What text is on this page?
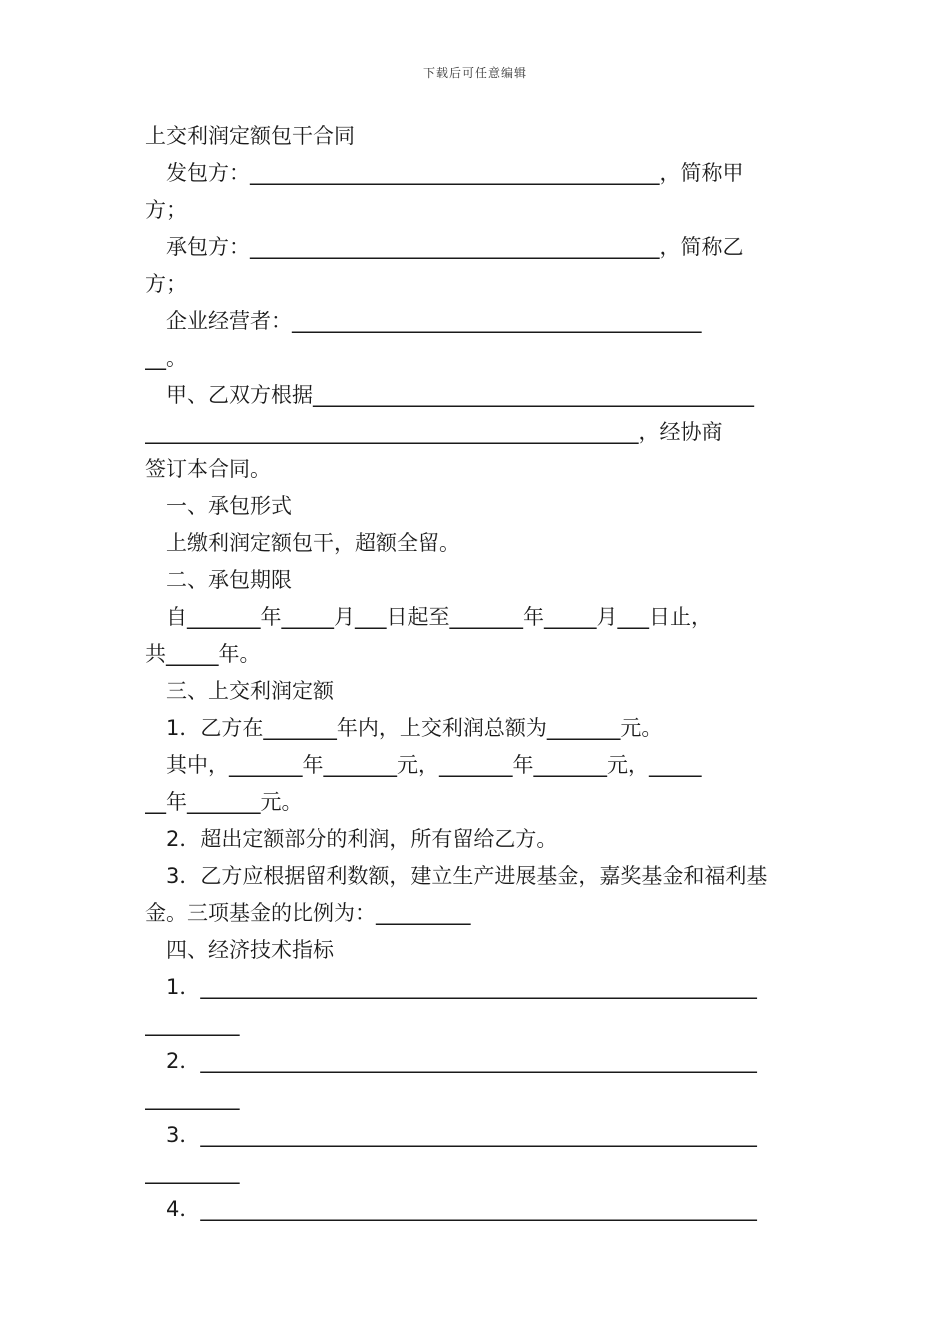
下载后可任意编辑
上交利润定额包干合同
发包方：_______________________________________，简称甲
方；
承包方：_______________________________________，简称乙
方；
企业经营者：_______________________________________
__。
甲、乙双方根据__________________________________________
_______________________________________________，经协商
签订本合同。
一、承包形式
上缴利润定额包干，超额全留。
二、承包期限
自_______年_____月___日起至_______年_____月___日止，
共_____年。
三、上交利润定额
1．乙方在_______年内，上交利润总额为_______元。
其中，_______年_______元，_______年_______元，_____
__年_______元。
2．超出定额部分的利润，所有留给乙方。
3．乙方应根据留利数额，建立生产进展基金，嘉奖基金和福利基
金。三项基金的比例为：_________
四、经济技术指标
1．_____________________________________________________
_________
2．_____________________________________________________
_________
3．_____________________________________________________
_________
4．_____________________________________________________
